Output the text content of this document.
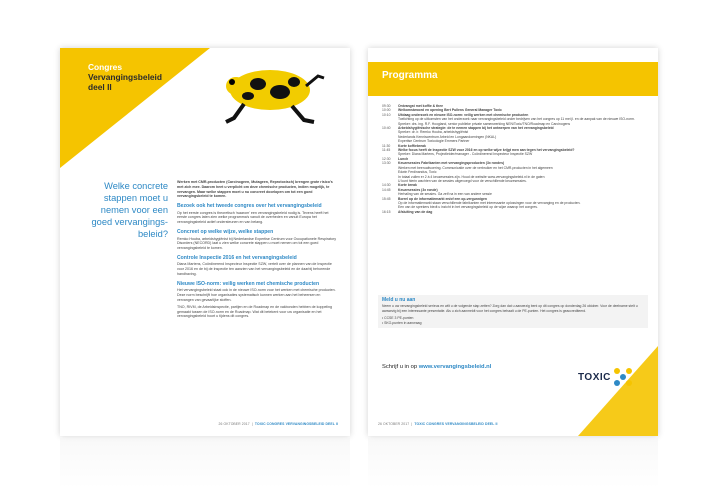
Congres
Vervangingsbeleid
deel II
Welke concrete stappen moet u nemen voor een goed vervangings-beleid?

Werken met CMR-producten (Carcinogeen, Mutageen, Reprotoxisch) brengen grote risico's met zich mee. Daarom heet u verplicht om deze chemische producten, indien mogelijk, te vervangen. Maar welke stappen moet u nu concreet doorlopen om tot een goed vervangingsbeleid te komen.

Bezoek ook het tweede congres over het vervangingsbeleid

Op het eerste congres is theoretisch 'waarom' een vervangingsbeleid nodig is. Tevens heeft het eerste congres laten zien welke programma's vanuit de overheden en vanuit Europa het vervangingsbeleid actief ondersteunen en van belang.

Concreet op welke wijze, welke stappen

Remko Houba, arbeidshygiënist bij Nederlandse Expertise Centrum voor Occupationele Respiratory Disorders (NECORD) laat u zien welke concrete stappen u moet nemen om tot een goed vervangingsbeleid te komen.

Controle Inspectie 2016 en het vervangingsbeleid

Diana Martens, Coördinerend Inspecteur Inspectie SZW, vertelt over de plannen van de Inspectie voor 2016 en de bij de Inspectie ten aanzien van het vervangingsbeleid en de daarbij behorende handhaving.

Nieuwe ISO-norm: veilig werken met chemische producten

Het vervangingsbeleid staat ook in de nieuwe ISO-norm voor het werken met chemische producten. Deze norm beschrijft hoe organisaties systematisch kunnen werken aan het beheersen en vervangen van gevaarlijke stoffen.

TNO, RIVM, de Arbeidsinspectie, partijen en de Roadmap en de vakbonden hebben de koppeling gemaakt tussen de ISO-norm en de Roadmap. Wat dit betekent voor uw organisatie en het vervangingsbeleid hoort u tijdens dit congres.

26 OKTOBER 2017  |  TOXIC CONGRES VERVANGINGSBELEID DEEL II
Programma
09:30	Ontvangst met koffie & thee
10:00	Welkomstwoord en opening Bert Pullens General Manager Toxic
10:10	Uitdaag onderzoek en nieuwe ISO-norm: veilig werken met chemische producten
Toelichting op de uitkomsten van het onderzoek naar vervangingsbeleid onder bedrijven van het congres op 11 mei jl. en de aanpak van de nieuwe ISO-norm.
Spreker: drs. ing. R.F. Hoogland, senior publieke private samenwerking NEN/Toxic/TNO/Roadmap en Carcinogens
10:40	Arbeidshygiënische strategie: de te nemen stappen bij het ontwerpen van het vervangingsbeleid
Spreker: dr. ir. Remko Houba, arbeidshygiënist
Nederlands Kenniscentrum Arbeid en Longaandoeningen (NKAL)
Expertise Centrum Toxicologie Emmers Partner
11:30	Korte koffiebreak
11:45	Welke focus heeft de Inspectie SZW voor 2016 en op welke wijze krijgt men aan tegen het vervangingsbeleid?
Spreker: Diana Martens, Projectleider/manager - Coördinerend Inspecteur Inspectie SZW
12:30	Lunch
13:30	Keuzesessies Fabrikanten met vervangingsproducten (3x rondes)
Werken met beeruaitvoering. Communicatie over de verbruiker en het CMR-producten in het algemeen
Edwin Ferdinandus, Toxic
In totaal zullen er 2 à 4 keuzesessies zijn. Houd de website www.vervangingsbeleid.nl in de gaten
U kunt hierin wachten van de sessies uitgevoegd voor de verschillende keuzesessies.
14:30	Korte break
14:45	Keuzesessies (3x ronde)
Herhaling van de sessies. Ga zelf na in een van andere sessie
15:45	Borrel op de informatiemarkt en/of een op-vergunnigen
Op de informatiemarkt staan verschillende fabrikanten met interessante oplossingen voor de vervanging en de producten.
Een van de sprekers biedt u inzicht in het vervangingsbeleid op de wijze waarop het congres.
16:15	Afsluiting van de dag
Meld u nu aan

Neem u uw vervangingsbeleid serieus en wilt u de volgende stap zetten? Zorg dan dat u aanwezig bent op dit congres op donderdag 26 oktober. Voor de deelname stelt u aanwezig bij een interessante presentatie. Als u zich aanmeldt voor het congres behaalt u de PE-punten. Het congres is geaccrediteerd.

• CCSE 3 PE-punten
• SKO-punten in aanvraag
Schrijf u in op www.vervangingsbeleid.nl
TOXIC
26 OKTOBER 2017  |  TOXIC CONGRES VERVANGINGSBELEID DEEL II
